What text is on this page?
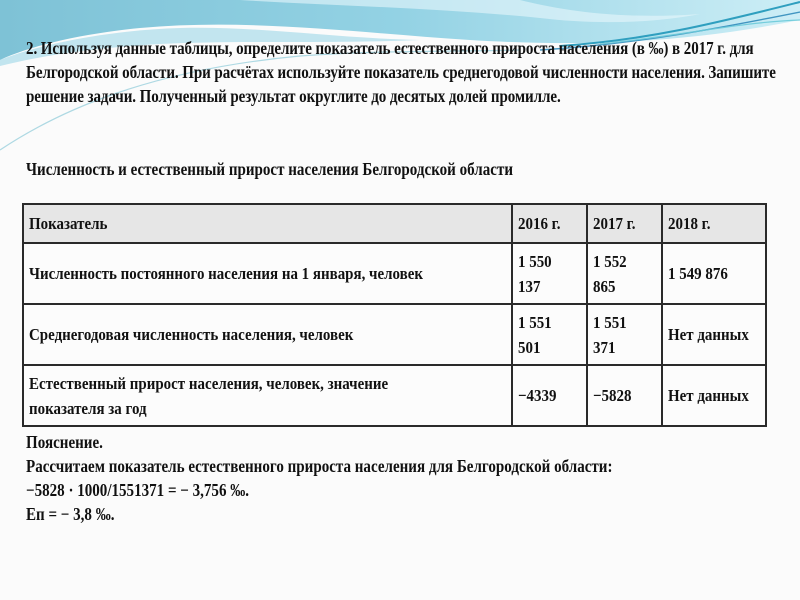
2. Используя данные таблицы, определите показатель естественного прироста населения (в ‰) в 2017 г. для Белгородской области. При расчётах используйте показатель среднегодовой численности населения. Запишите решение задачи. Полученный результат округлите до десятых долей промилле.
Численность и естественный прирост населения Белгородской области
Показатель	2016 г.	2017 г.	2018 г.
Численность постоянного населения на 1 января, человек	1 550 137	1 552 865	1 549 876
Среднегодовая численность населения, человек	1 551 501	1 551 371	Нет данных
Естественный прирост населения, человек, значение показателя за год	−4339	−5828	Нет данных
Пояснение.
Рассчитаем показатель естественного прироста населения для Белгородской области:
−5828 · 1000/1551371 = − 3,756 ‰.
Еп = − 3,8 ‰.
